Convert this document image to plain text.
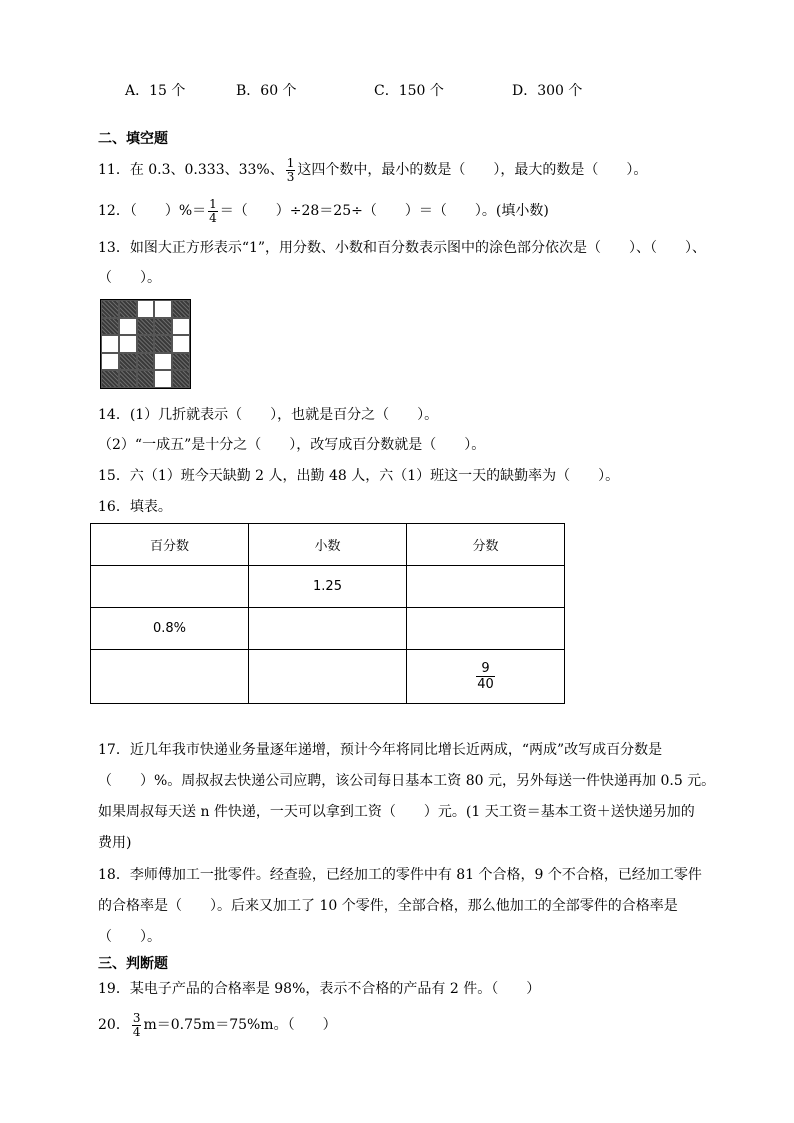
A．15 个	B．60 个	C．150 个	D．300 个
二、填空题
11．在 0.3、0.333、33%、 $\frac{1}{3}$ 这四个数中，最小的数是（　　），最大的数是（　　）。
12．（　　）%＝ $\frac{1}{4}$ ＝（　　）÷28＝25÷（　　）＝（　　）。(填小数)
13．如图大正方形表示“1”，用分数、小数和百分数表示图中的涂色部分依次是（　　）、（　　）、
（　　）。
14．(1）几折就表示（　　），也就是百分之（　　）。
（2）“一成五”是十分之（　　），改写成百分数就是（　　）。
15．六（1）班今天缺勤 2 人，出勤 48 人，六（1）班这一天的缺勤率为（　　）。
16．填表。
百分数	小数	分数
	1.25	
0.8%		

		$\frac{9}{40}$
17．近几年我市快递业务量逐年递增，预计今年将同比增长近两成，“两成”改写成百分数是
（　　）%。周叔叔去快递公司应聘，该公司每日基本工资 80 元，另外每送一件快递再加 0.5 元。
如果周叔每天送 n 件快递，一天可以拿到工资（　　）元。(1 天工资＝基本工资＋送快递另加的
费用)
18．李师傅加工一批零件。经查验，已经加工的零件中有 81 个合格，9 个不合格，已经加工零件
的合格率是（　　）。后来又加工了 10 个零件，全部合格，那么他加工的全部零件的合格率是
（　　）。
三、判断题
19．某电子产品的合格率是 98%，表示不合格的产品有 2 件。（　　）
20． $\frac{3}{4} m=0.75m=75\%m$。（　　）
